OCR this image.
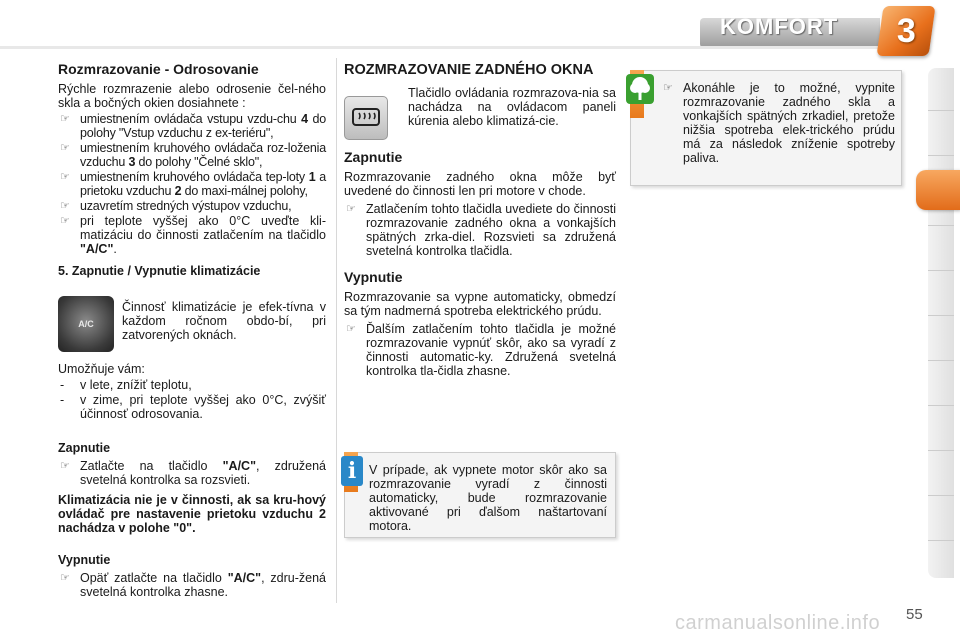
KOMFORT 3
Rozmrazovanie - Odrosovanie

Rýchle rozmrazenie alebo odrosenie čel-ného skla a bočných okien dosiahnete :

☞
umiestnením ovládača vstupu vzdu-chu 4 do polohy "Vstup vzduchu z ex-teriéru",
☞
umiestnením kruhového ovládača roz-loženia vzduchu 3 do polohy "Čelné sklo",
☞
umiestnením kruhového ovládača tep-loty 1 a prietoku vzduchu 2 do maxi-málnej polohy,
☞
uzavretím stredných výstupov vzduchu,
☞
pri teplote vyššej ako 0°C uveďte kli-matizáciu do činnosti zatlačením na tlačidlo "A/C".
5. Zapnutie / Vypnutie klimatizácie
A/C
Činnosť klimatizácie je efek-tívna v každom ročnom obdo-bí, pri zatvorených oknách.

Umožňuje vám:

-
v lete, znížiť teplotu,
-
v zime, pri teplote vyššej ako 0°C, zvýšiť účinnosť odrosovania.
Zapnutie
☞
Zatlačte na tlačidlo "A/C", združená svetelná kontrolka sa rozsvieti.

Klimatizácia nie je v činnosti, ak sa kru-hový ovládač pre nastavenie prietoku vzduchu 2 nachádza v polohe "0".

Vypnutie
☞
Opäť zatlačte na tlačidlo "A/C", zdru-žená svetelná kontrolka zhasne.
ROZMRAZOVANIE ZADNÉHO OKNA
Tlačidlo ovládania rozmrazova-nia sa nachádza na ovládacom paneli kúrenia alebo klimatizá-cie.
Zapnutie

Rozmrazovanie zadného okna môže byť uvedené do činnosti len pri motore v chode.

☞
Zatlačením tohto tlačidla uvediete do činnosti rozmrazovanie zadného okna a vonkajších spätných zrka-diel. Rozsvieti sa združená svetelná kontrolka tlačidla.
Vypnutie

Rozmrazovanie sa vypne automaticky, obmedzí sa tým nadmerná spotreba elektrického prúdu.

☞
Ďalším zatlačením tohto tlačidla je možné rozmrazovanie vypnúť skôr, ako sa vyradí z činnosti automatic-ky. Združená svetelná kontrolka tla-čidla zhasne.
V prípade, ak vypnete motor skôr ako sa rozmrazovanie vyradí z činnosti automaticky, bude rozmrazovanie aktivované pri ďalšom naštartovaní motora.
i
☞
Akonáhle je to možné, vypnite rozmrazovanie zadného skla a vonkajších spätných zrkadiel, pretože nižšia spotreba elek-trického prúdu má za následok zníženie spotreby paliva.
55
carmanualsonline.info
